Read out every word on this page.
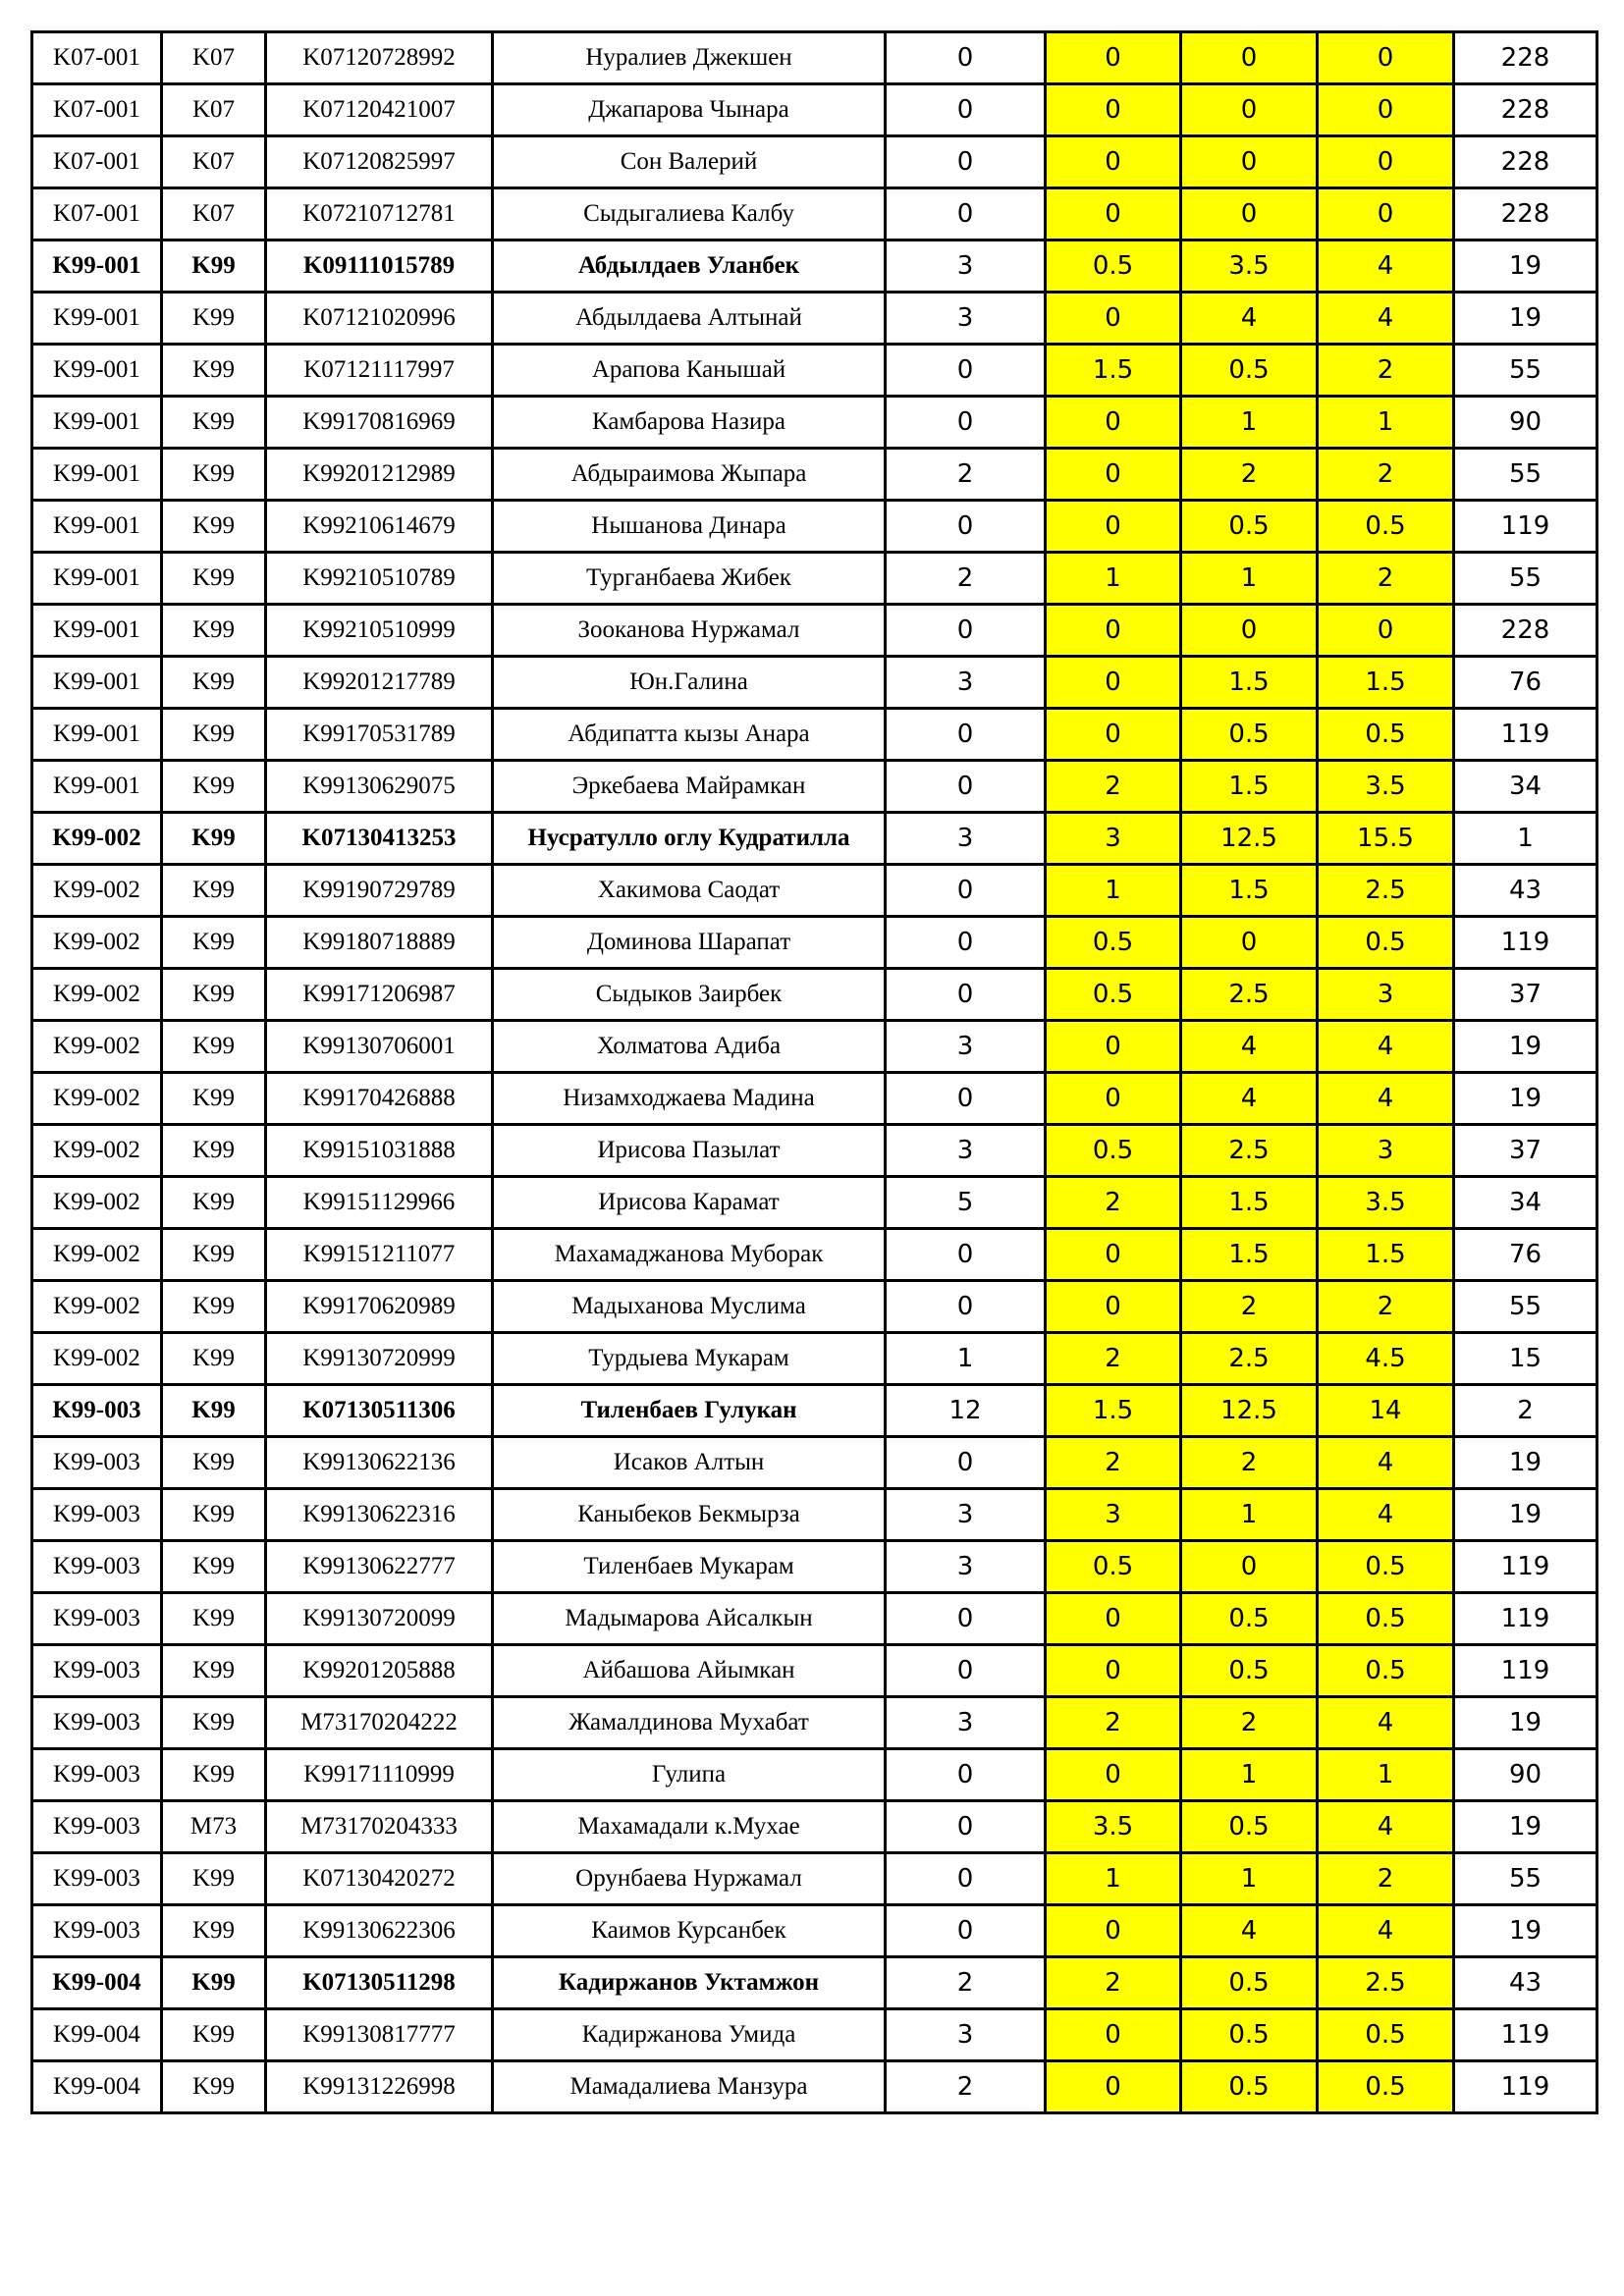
K07-001	K07	K07120728992	Нуралиев Джекшен	0	0	0	0	228
K07-001	K07	K07120421007	Джапарова Чынара	0	0	0	0	228
K07-001	K07	K07120825997	Сон Валерий	0	0	0	0	228
K07-001	K07	K07210712781	Сыдыгалиева Калбу	0	0	0	0	228
K99-001	K99	K09111015789	Абдылдаев Уланбек	3	0.5	3.5	4	19
K99-001	K99	K07121020996	Абдылдаева Алтынай	3	0	4	4	19
K99-001	K99	K07121117997	Арапова Канышай	0	1.5	0.5	2	55
K99-001	K99	K99170816969	Камбарова Назира	0	0	1	1	90
K99-001	K99	K99201212989	Абдыраимова Жыпара	2	0	2	2	55
K99-001	K99	K99210614679	Нышанова Динара	0	0	0.5	0.5	119
K99-001	K99	K99210510789	Турганбаева Жибек	2	1	1	2	55
K99-001	K99	K99210510999	Зооканова Нуржамал	0	0	0	0	228
K99-001	K99	K99201217789	Юн.Галина	3	0	1.5	1.5	76
K99-001	K99	K99170531789	Абдипатта кызы Анара	0	0	0.5	0.5	119
K99-001	K99	K99130629075	Эркебаева Майрамкан	0	2	1.5	3.5	34
K99-002	K99	K07130413253	Нусратулло оглу Кудратилла	3	3	12.5	15.5	1
K99-002	K99	K99190729789	Хакимова Саодат	0	1	1.5	2.5	43
K99-002	K99	K99180718889	Доминова Шарапат	0	0.5	0	0.5	119
K99-002	K99	K99171206987	Сыдыков Заирбек	0	0.5	2.5	3	37
K99-002	K99	K99130706001	Холматова Адиба	3	0	4	4	19
K99-002	K99	K99170426888	Низамходжаева Мадина	0	0	4	4	19
K99-002	K99	K99151031888	Ирисова Пазылат	3	0.5	2.5	3	37
K99-002	K99	K99151129966	Ирисова Карамат	5	2	1.5	3.5	34
K99-002	K99	K99151211077	Махамаджанова Муборак	0	0	1.5	1.5	76
K99-002	K99	K99170620989	Мадыханова Муслима	0	0	2	2	55
K99-002	K99	K99130720999	Турдыева Мукарам	1	2	2.5	4.5	15
K99-003	K99	K07130511306	Тиленбаев Гулукан	12	1.5	12.5	14	2
K99-003	K99	K99130622136	Исаков Алтын	0	2	2	4	19
K99-003	K99	K99130622316	Каныбеков Бекмырза	3	3	1	4	19
K99-003	K99	K99130622777	Тиленбаев Мукарам	3	0.5	0	0.5	119
K99-003	K99	K99130720099	Мадымарова Айсалкын	0	0	0.5	0.5	119
K99-003	K99	K99201205888	Айбашова Айымкан	0	0	0.5	0.5	119
K99-003	K99	M73170204222	Жамалдинова Мухабат	3	2	2	4	19
K99-003	K99	K99171110999	Гулипа	0	0	1	1	90
K99-003	M73	M73170204333	Махамадали к.Мухае	0	3.5	0.5	4	19
K99-003	K99	K07130420272	Орунбаева Нуржамал	0	1	1	2	55
K99-003	K99	K99130622306	Каимов Курсанбек	0	0	4	4	19
K99-004	K99	K07130511298	Кадиржанов Уктамжон	2	2	0.5	2.5	43
K99-004	K99	K99130817777	Кадиржанова Умида	3	0	0.5	0.5	119
K99-004	K99	K99131226998	Мамадалиева Манзура	2	0	0.5	0.5	119
